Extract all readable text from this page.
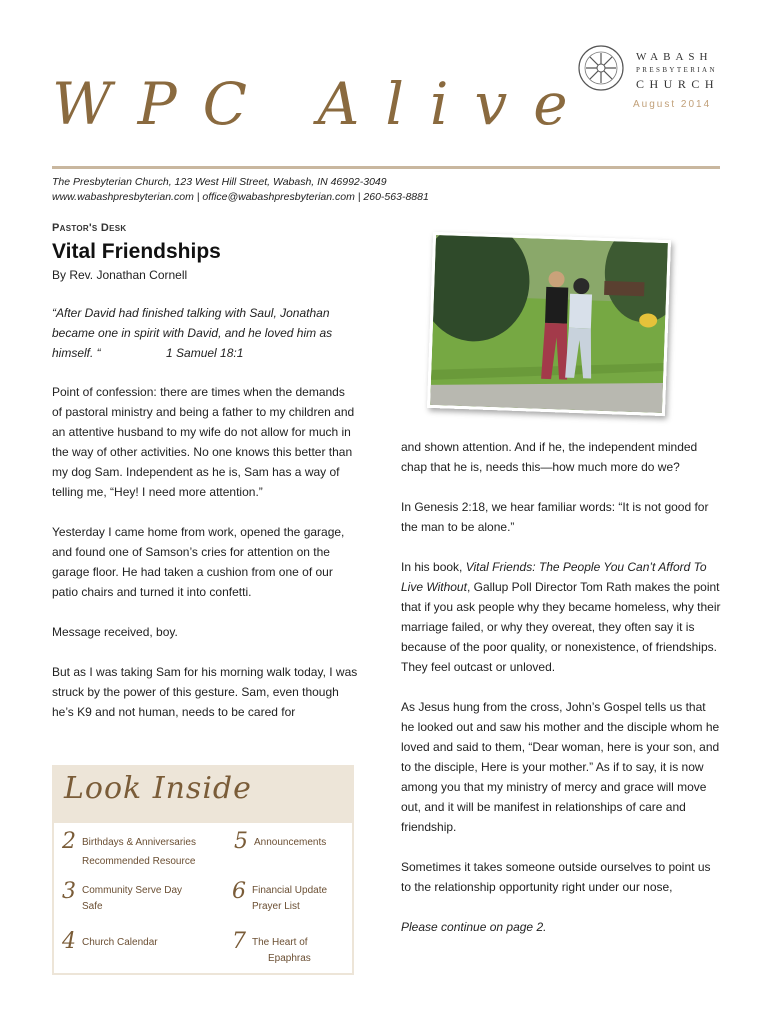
WPC Alive
WABASH
PRESBYTERIAN
CHURCH
August 2014
The Presbyterian Church, 123 West Hill Street, Wabash, IN 46992-3049
www.wabashpresbyterian.com | office@wabashpresbyterian.com | 260-563-8881
Pastor's Desk
Vital Friendships
By Rev. Jonathan Cornell
“After David had finished talking with Saul, Jonathan became one in spirit with David, and he loved him as himself. “	1 Samuel 18:1

Point of confession: there are times when the demands of pastoral ministry and being a father to my children and an attentive husband to my wife do not allow for much in the way of other activities. No one knows this better than my dog Sam. Independent as he is, Sam has a way of telling me, “Hey! I need more attention.”

Yesterday I came home from work, opened the garage, and found one of Samson’s cries for attention on the garage floor. He had taken a cushion from one of our patio chairs and turned it into confetti.

Message received, boy.

But as I was taking Sam for his morning walk today, I was struck by the power of this gesture. Sam, even though he’s K9 and not human, needs to be cared for

and shown attention. And if he, the independent minded chap that he is, needs this—how much more do we?

In Genesis 2:18, we hear familiar words: “It is not good for the man to be alone.”

In his book, Vital Friends: The People You Can’t Afford To Live Without, Gallup Poll Director Tom Rath makes the point that if you ask people why they became homeless, why their marriage failed, or why they overeat, they often say it is because of the poor quality, or nonexistence, of friendships. They feel outcast or unloved.

As Jesus hung from the cross, John’s Gospel tells us that he looked out and saw his mother and the disciple whom he loved and said to them, “Dear woman, here is your son, and to the disciple, Here is your mother.” As if to say, it is now among you that my ministry of mercy and grace will move out, and it will be manifest in relationships of care and friendship.

Sometimes it takes someone outside ourselves to point us to the relationship opportunity right under our nose,

Please continue on page 2.

Look Inside
2 Birthdays & Anniversaries
Recommended Resource
5 Announcements
3 Community Serve Day
Safe
6 Financial Update
Prayer List
4 Church Calendar	7 The Heart of
Epaphras
